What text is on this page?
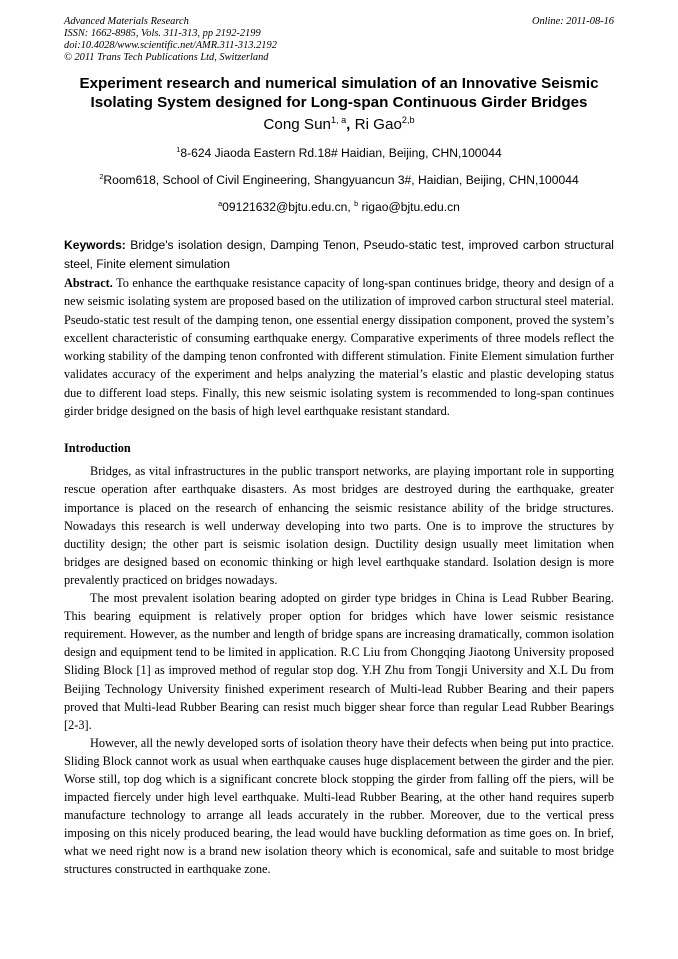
Advanced Materials Research
ISSN: 1662-8985, Vols. 311-313, pp 2192-2199
doi:10.4028/www.scientific.net/AMR.311-313.2192
© 2011 Trans Tech Publications Ltd, Switzerland
Online: 2011-08-16
Experiment research and numerical simulation of an Innovative Seismic
Isolating System designed for Long-span Continuous Girder Bridges
Cong Sun$^{1, a}$, Ri Gao$^{2,b}$
$^1$8-624 Jiaoda Eastern Rd.18# Haidian, Beijing, CHN,100044
$^2$Room618, School of Civil Engineering, Shangyuancun 3#, Haidian, Beijing, CHN,100044
$^a$09121632@bjtu.edu.cn, $^b$ rigao@bjtu.edu.cn
Keywords: Bridge's isolation design, Damping Tenon, Pseudo-static test, improved carbon structural steel, Finite element simulation
Abstract. To enhance the earthquake resistance capacity of long-span continues bridge, theory and design of a new seismic isolating system are proposed based on the utilization of improved carbon structural steel material. Pseudo-static test result of the damping tenon, one essential energy dissipation component, proved the system’s excellent characteristic of consuming earthquake energy. Comparative experiments of three models reflect the working stability of the damping tenon confronted with different stimulation. Finite Element simulation further validates accuracy of the experiment and helps analyzing the material’s elastic and plastic developing status due to different load steps. Finally, this new seismic isolating system is recommended to long-span continues girder bridge designed on the basis of high level earthquake resistant standard.
Introduction

Bridges, as vital infrastructures in the public transport networks, are playing important role in supporting rescue operation after earthquake disasters. As most bridges are destroyed during the earthquake, greater importance is placed on the research of enhancing the seismic resistance ability of the bridge structures. Nowadays this research is well underway developing into two parts. One is to improve the structures by ductility design; the other part is seismic isolation design. Ductility design usually meet limitation when bridges are designed based on economic thinking or high level earthquake standard. Isolation design is more prevalently practiced on bridges nowadays.

The most prevalent isolation bearing adopted on girder type bridges in China is Lead Rubber Bearing. This bearing equipment is relatively proper option for bridges which have lower seismic resistance requirement. However, as the number and length of bridge spans are increasing dramatically, common isolation design and equipment tend to be limited in application. R.C Liu from Chongqing Jiaotong University proposed Sliding Block [1] as improved method of regular stop dog. Y.H Zhu from Tongji University and X.L Du from Beijing Technology University finished experiment research of Multi-lead Rubber Bearing and their papers proved that Multi-lead Rubber Bearing can resist much bigger shear force than regular Lead Rubber Bearings [2-3].

However, all the newly developed sorts of isolation theory have their defects when being put into practice. Sliding Block cannot work as usual when earthquake causes huge displacement between the girder and the pier. Worse still, top dog which is a significant concrete block stopping the girder from falling off the piers, will be impacted fiercely under high level earthquake. Multi-lead Rubber Bearing, at the other hand requires superb manufacture technology to arrange all leads accurately in the rubber. Moreover, due to the vertical press imposing on this nicely produced bearing, the lead would have buckling deformation as time goes on. In brief, what we need right now is a brand new isolation theory which is economical, safe and suitable to most bridge structures constructed in earthquake zone.
